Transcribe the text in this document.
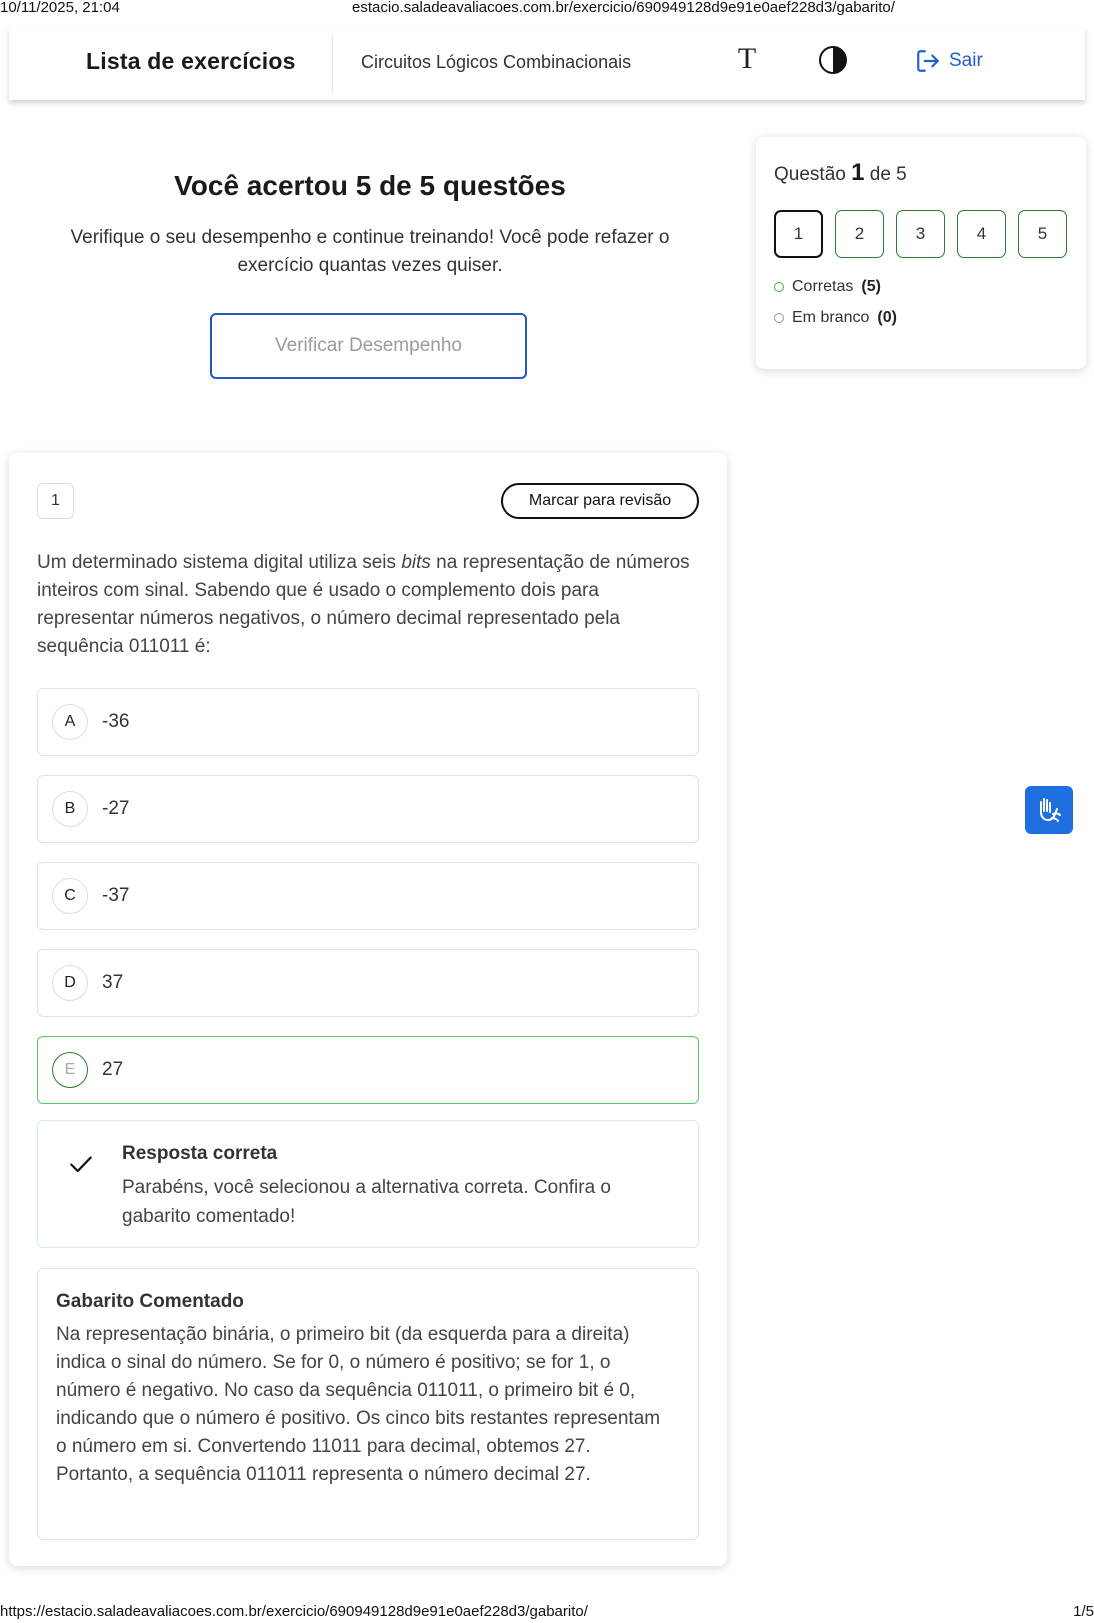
10/11/2025, 21:04	estacio.saladeavaliacoes.com.br/exercicio/690949128d9e91e0aef228d3/gabarito/
Lista de exercícios	Circuitos Lógicos Combinacionais	T	Sair
Você acertou 5 de 5 questões

Verifique o seu desempenho e continue treinando! Você pode refazer o exercício quantas vezes quiser.

Verificar Desempenho
Questão 1 de 5
1	2	3	4	5
Corretas (5)
Em branco (0)
1	Marcar para revisão
Um determinado sistema digital utiliza seis bits na representação de números inteiros com sinal. Sabendo que é usado o complemento dois para representar números negativos, o número decimal representado pela sequência 011011 é:
A	-36
B	-27
C	-37
D	37
E	27
Resposta correta
Parabéns, você selecionou a alternativa correta. Confira o gabarito comentado!
Gabarito Comentado
Na representação binária, o primeiro bit (da esquerda para a direita) indica o sinal do número. Se for 0, o número é positivo; se for 1, o número é negativo. No caso da sequência 011011, o primeiro bit é 0, indicando que o número é positivo. Os cinco bits restantes representam o número em si. Convertendo 11011 para decimal, obtemos 27. Portanto, a sequência 011011 representa o número decimal 27.
https://estacio.saladeavaliacoes.com.br/exercicio/690949128d9e91e0aef228d3/gabarito/	1/5
